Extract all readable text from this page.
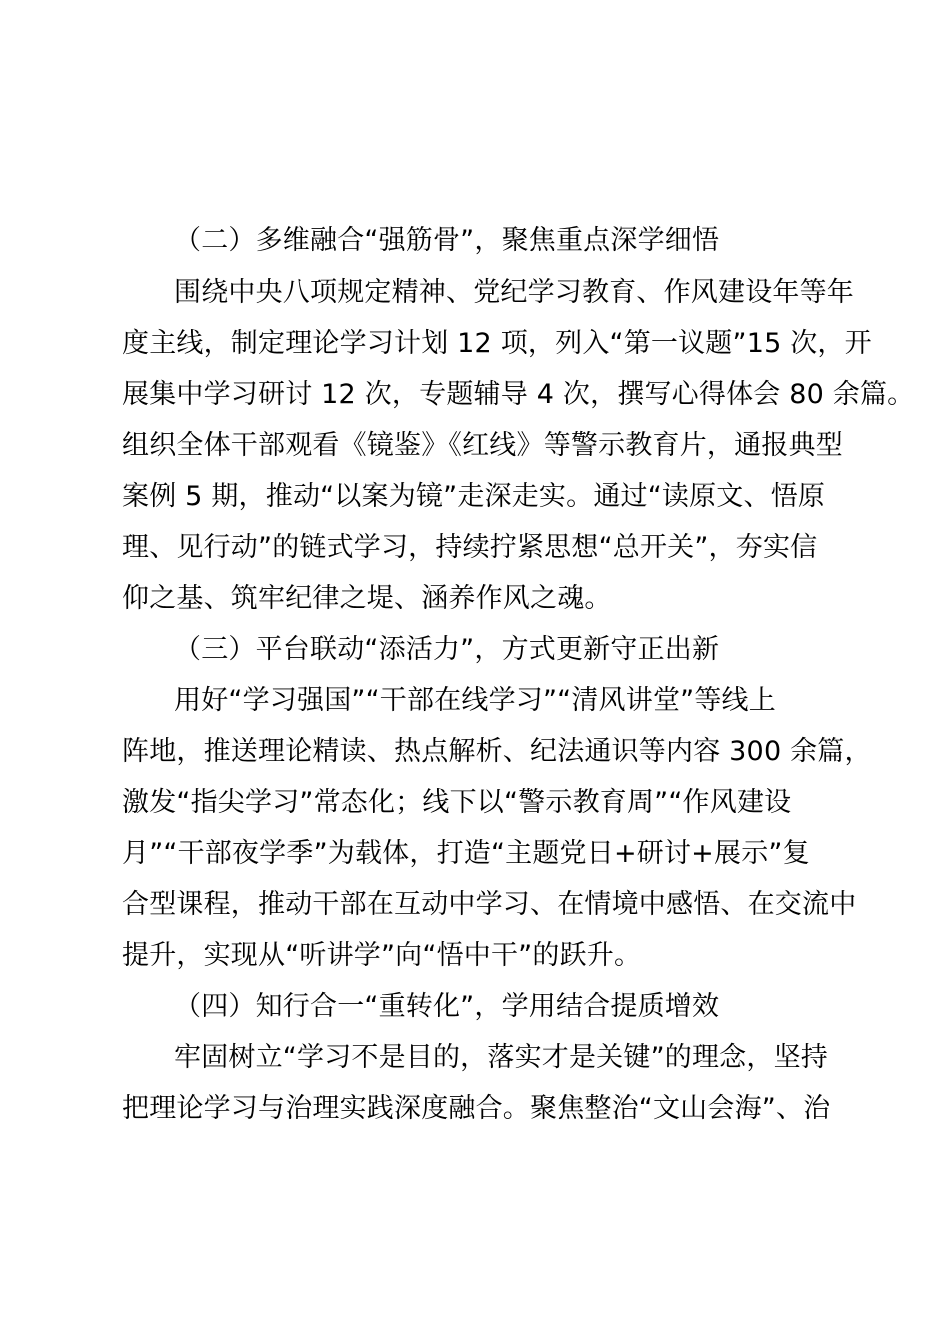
（二）多维融合“强筋骨”，聚焦重点深学细悟
围绕中央八项规定精神、党纪学习教育、作风建设年等年
度主线，制定理论学习计划 12 项，列入“第一议题”15 次，开
展集中学习研讨 12 次，专题辅导 4 次，撰写心得体会 80 余篇。
组织全体干部观看《镜鉴》《红线》等警示教育片，通报典型
案例 5 期，推动“以案为镜”走深走实。通过“读原文、悟原
理、见行动”的链式学习，持续拧紧思想“总开关”，夯实信
仰之基、筑牢纪律之堤、涵养作风之魂。
（三）平台联动“添活力”，方式更新守正出新
用好“学习强国”“干部在线学习”“清风讲堂”等线上
阵地，推送理论精读、热点解析、纪法通识等内容 300 余篇，
激发“指尖学习”常态化；线下以“警示教育周”“作风建设
月”“干部夜学季”为载体，打造“主题党日+研讨+展示”复
合型课程，推动干部在互动中学习、在情境中感悟、在交流中
提升，实现从“听讲学”向“悟中干”的跃升。
（四）知行合一“重转化”，学用结合提质增效
牢固树立“学习不是目的，落实才是关键”的理念，坚持
把理论学习与治理实践深度融合。聚焦整治“文山会海”、治
